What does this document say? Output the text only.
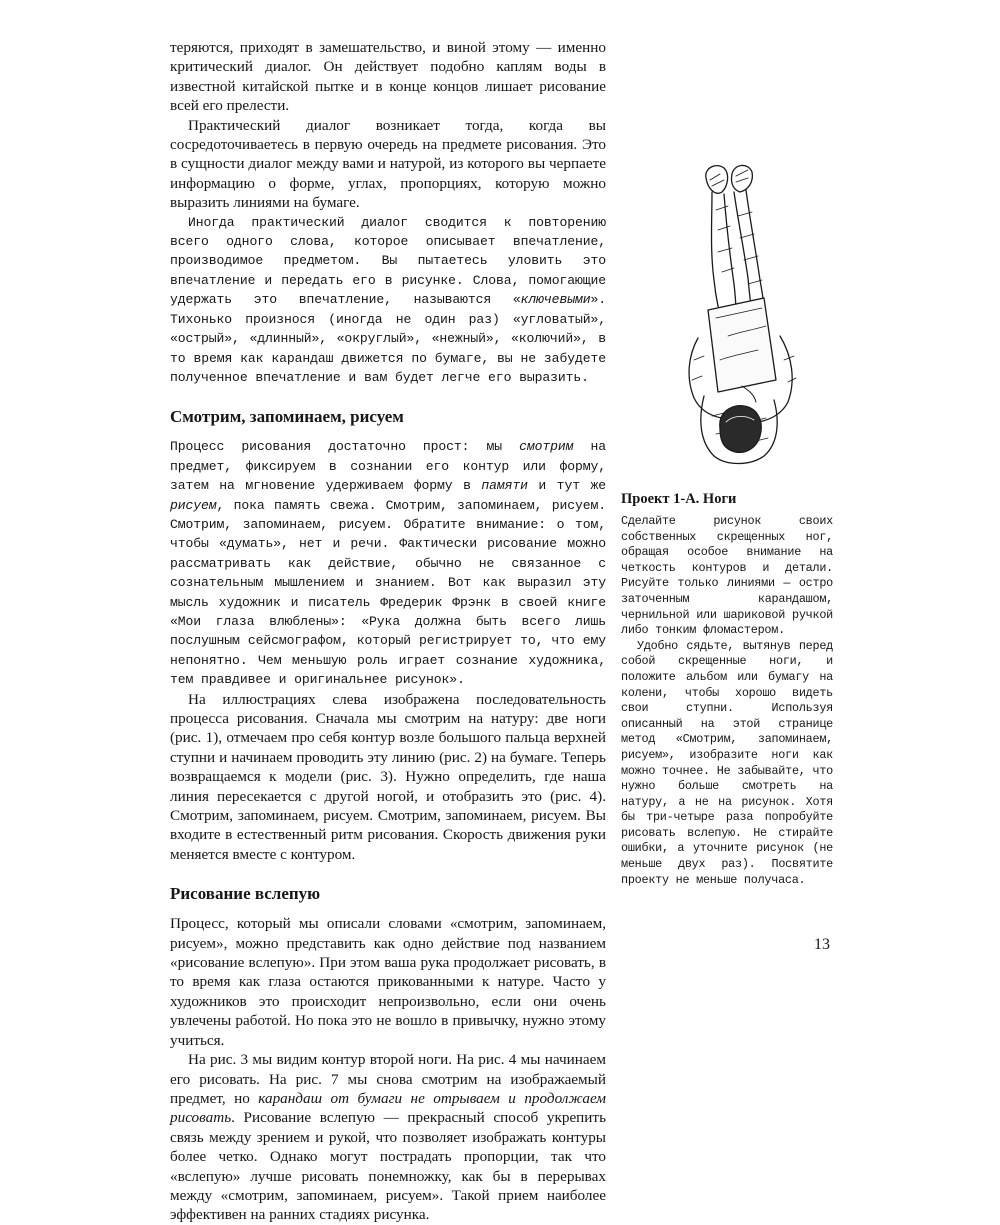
теряются, приходят в замешательство, и виной этому — именно критический диалог. Он действует подобно каплям воды в известной китайской пытке и в конце концов лишает рисование всей его прелести.

Практический диалог возникает тогда, когда вы сосредоточиваетесь в первую очередь на предмете рисования. Это в сущности диалог между вами и натурой, из которого вы черпаете информацию о форме, углах, пропорциях, которую можно выразить линиями на бумаге.

Иногда практический диалог сводится к повторению всего одного слова, которое описывает впечатление, производимое предметом. Вы пытаетесь уловить это впечатление и передать его в рисунке. Слова, помогающие удержать это впечатление, называются «ключевыми». Тихонько произнося (иногда не один раз) «угловатый», «острый», «длинный», «округлый», «нежный», «колючий», в то время как карандаш движется по бумаге, вы не забудете полученное впечатление и вам будет легче его выразить.

Смотрим, запоминаем, рисуем

Процесс рисования достаточно прост: мы смотрим на предмет, фиксируем в сознании его контур или форму, затем на мгновение удерживаем форму в памяти и тут же рисуем, пока память свежа. Смотрим, запоминаем, рисуем. Смотрим, запоминаем, рисуем. Обратите внимание: о том, чтобы «думать», нет и речи. Фактически рисование можно рассматривать как действие, обычно не связанное с сознательным мышлением и знанием. Вот как выразил эту мысль художник и писатель Фредерик Фрэнк в своей книге «Мои глаза влюблены»: «Рука должна быть всего лишь послушным сейсмографом, который регистрирует то, что ему непонятно. Чем меньшую роль играет сознание художника, тем правдивее и оригинальнее рисунок».

На иллюстрациях слева изображена последовательность процесса рисования. Сначала мы смотрим на натуру: две ноги (рис. 1), отмечаем про себя контур возле большого пальца верхней ступни и начинаем проводить эту линию (рис. 2) на бумаге. Теперь возвращаемся к модели (рис. 3). Нужно определить, где наша линия пересекается с другой ногой, и отобразить это (рис. 4). Смотрим, запоминаем, рисуем. Смотрим, запоминаем, рисуем. Вы входите в естественный ритм рисования. Скорость движения руки меняется вместе с контуром.

Рисование вслепую

Процесс, который мы описали словами «смотрим, запоминаем, рисуем», можно представить как одно действие под названием «рисование вслепую». При этом ваша рука продолжает рисовать, в то время как глаза остаются прикованными к натуре. Часто у художников это происходит непроизвольно, если они очень увлечены работой. Но пока это не вошло в привычку, нужно этому учиться.

На рис. 3 мы видим контур второй ноги. На рис. 4 мы начинаем его рисовать. На рис. 7 мы снова смотрим на изображаемый предмет, но карандаш от бумаги не отрываем и продолжаем рисовать. Рисование вслепую — прекрасный способ укрепить связь между зрением и рукой, что позволяет изображать контуры более четко. Однако могут пострадать пропорции, так что «вслепую» лучше рисовать понемножку, как бы в перерывах между «смотрим, запоминаем, рисуем». Такой прием наиболее эффективен на ранних стадиях рисунка.

Проект 1-А. Ноги

Сделайте рисунок своих собственных скрещенных ног, обращая особое внимание на четкость контуров и детали. Рисуйте только линиями — остро заточенным карандашом, чернильной или шариковой ручкой либо тонким фломастером.

Удобно сядьте, вытянув перед собой скрещенные ноги, и положите альбом или бумагу на колени, чтобы хорошо видеть свои ступни. Используя описанный на этой странице метод «Смотрим, запоминаем, рисуем», изобразите ноги как можно точнее. Не забывайте, что нужно больше смотреть на натуру, а не на рисунок. Хотя бы три-четыре раза попробуйте рисовать вслепую. Не стирайте ошибки, а уточните рисунок (не меньше двух раз). Посвятите проекту не меньше получаса.

13
